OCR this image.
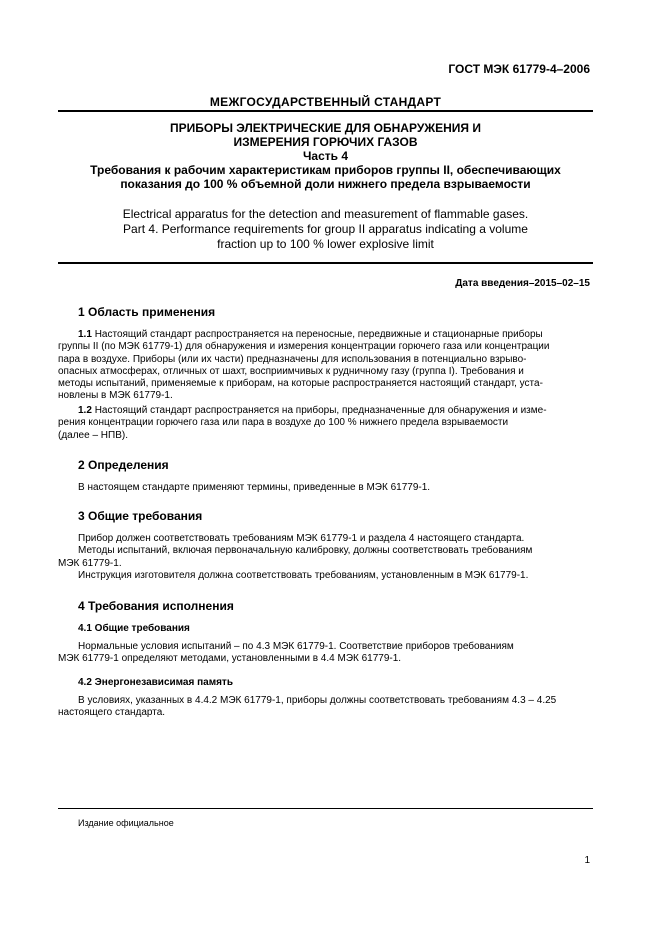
ГОСТ МЭК 61779-4–2006
МЕЖГОСУДАРСТВЕННЫЙ СТАНДАРТ
ПРИБОРЫ ЭЛЕКТРИЧЕСКИЕ ДЛЯ ОБНАРУЖЕНИЯ И
ИЗМЕРЕНИЯ ГОРЮЧИХ ГАЗОВ
Часть 4
Требования к рабочим характеристикам приборов группы II, обеспечивающих
показания до 100 % объемной доли нижнего предела взрываемости
Electrical apparatus for the detection and measurement of flammable gases.
Part 4. Performance requirements for group II apparatus indicating a volume
fraction up to 100 % lower explosive limit
Дата введения–2015–02–15
1 Область применения
1.1 Настоящий стандарт распространяется на переносные, передвижные и стационарные приборы
группы II (по МЭК 61779-1) для обнаружения и измерения концентрации горючего газа или концентрации
пара в воздухе. Приборы (или их части) предназначены для использования в потенциально взрыво-
опасных атмосферах, отличных от шахт, восприимчивых к рудничному газу (группа I). Требования и
методы испытаний, применяемые к приборам, на которые распространяется настоящий стандарт, уста-
новлены в МЭК 61779-1.
1.2 Настоящий стандарт распространяется на приборы, предназначенные для обнаружения и изме-
рения концентрации горючего газа или пара в воздухе до 100 % нижнего предела взрываемости
(далее – НПВ).
2 Определения
В настоящем стандарте применяют термины, приведенные в МЭК 61779-1.
3 Общие требования
Прибор должен соответствовать требованиям МЭК 61779-1 и раздела 4 настоящего стандарта.
Методы испытаний, включая первоначальную калибровку, должны соответствовать требованиям
МЭК 61779-1.
Инструкция изготовителя должна соответствовать требованиям, установленным в МЭК 61779-1.
4 Требования исполнения
4.1 Общие требования
Нормальные условия испытаний – по 4.3 МЭК 61779-1. Соответствие приборов требованиям
МЭК 61779-1 определяют методами, установленными в 4.4 МЭК 61779-1.
4.2 Энергонезависимая память
В условиях, указанных в 4.4.2 МЭК 61779-1, приборы должны соответствовать требованиям 4.3 – 4.25
настоящего стандарта.
Издание официальное
1
